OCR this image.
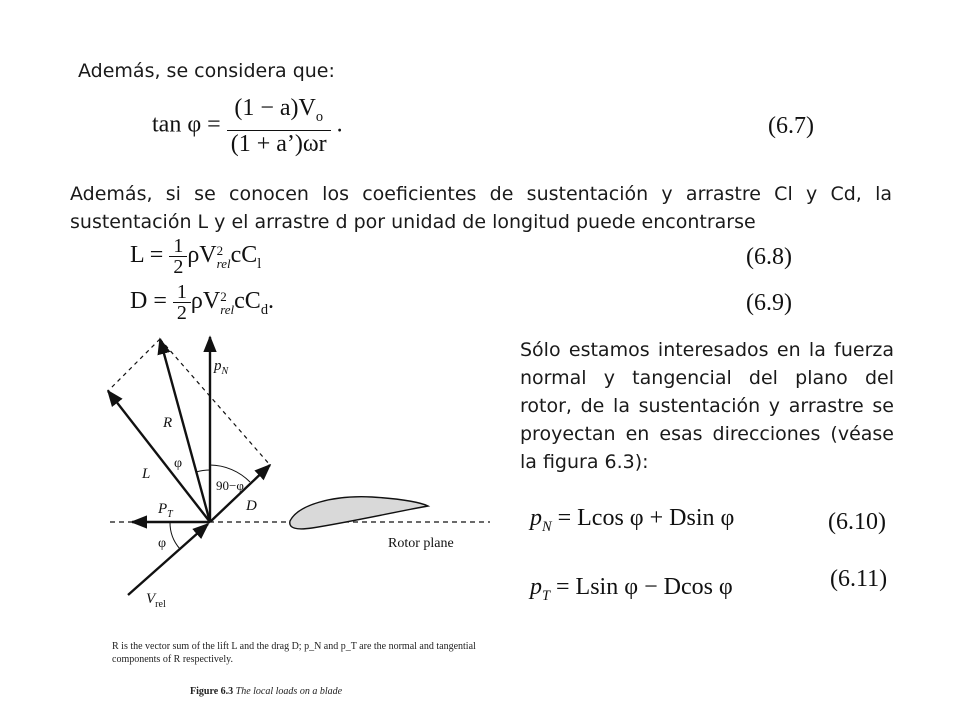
Además, se considera que:
$\tan \varphi = \frac{(1 - a)V_o}{(1 + a’)\omega r}$ .	(6.7)
Además, si se conocen los coeficientes de sustentación y arrastre Cl y Cd, la sustentación L y el arrastre d por unidad de longitud puede encontrarse
$L = \frac{1}{2}$ ρV 2
rel $cC_l$	(6.8)
$D = \frac{1}{2}$ ρV 2
rel $cC_d$.	(6.9)
$p_N$
R
L
φ
90−φ
D
$P_T$
φ	Rotor plane
$V_{rel}$
Sólo estamos interesados en la fuerza normal y tangencial del plano del rotor, de la sustentación y arrastre se proyectan en esas direcciones (véase la figura 6.3):
$p_N = Lcos$ φ + Dsin φ	(6.10)
$p_T = Lsin$ φ − Dcos φ	(6.11)
R is the vector sum of the lift L and the drag D; p_N and p_T are the normal and tangential components of R respectively.
Figure 6.3 The local loads on a blade
